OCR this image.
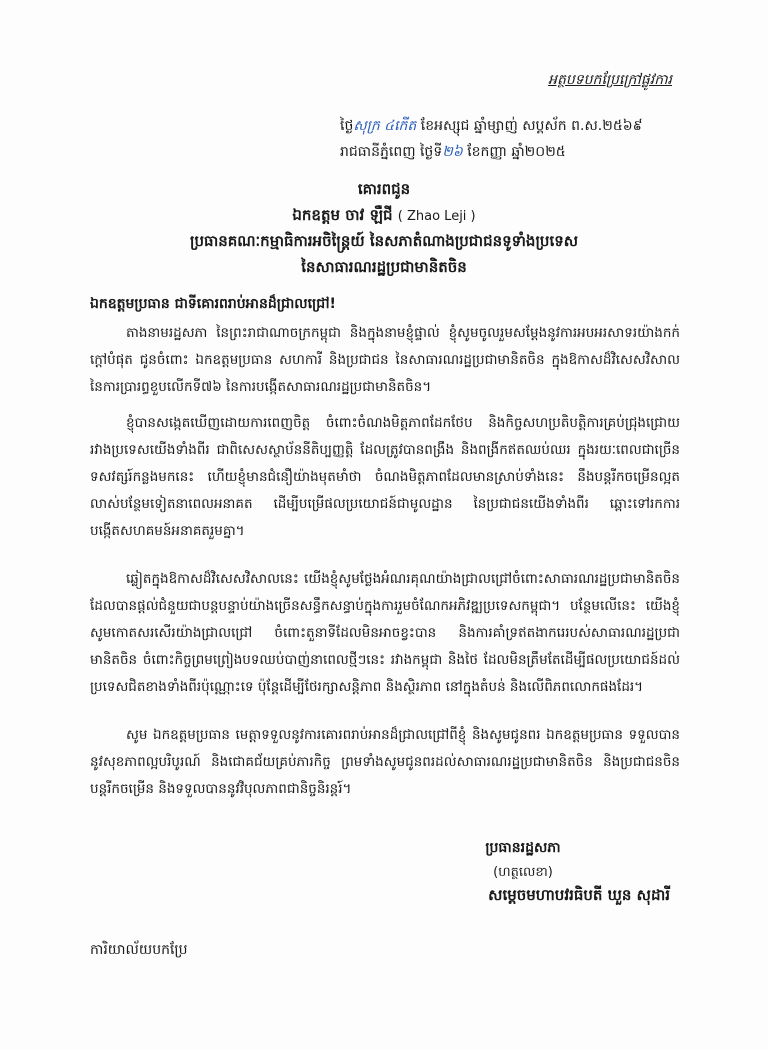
អត្ថបទបកប្រែក្រៅផ្លូវការ
ថ្ងៃសុក្រ ៤កើត ខែអស្សុជ ឆ្នាំម្សាញ់ សប្តស័ក ព.ស.២៥៦៩
រាជធានីភ្នំពេញ ថ្ងៃទី២៦ ខែកញ្ញា ឆ្នាំ២០២៥
គោរពជូន
ឯកឧត្តម ចាវ ឡឺជី ( Zhao Leji )
ប្រធានគណៈកម្មាធិការអចិន្ត្រៃយ៍ នៃសភាតំណាងប្រជាជនទូទាំងប្រទេស
នៃសាធារណរដ្ឋប្រជាមានិតចិន
ឯកឧត្តមប្រធាន ជាទីគោរពរាប់អានដ៏ជ្រាលជ្រៅ!

តាងនាមរដ្ឋសភា នៃព្រះរាជាណាចក្រកម្ពុជា និងក្នុងនាមខ្ញុំផ្ទាល់ ខ្ញុំសូមចូលរួមសម្តែងនូវការអបអរសាទរយ៉ាងកក់ក្តៅបំផុត ជូនចំពោះ ឯកឧត្តមប្រធាន សហការី និងប្រជាជន នៃសាធារណរដ្ឋប្រជាមានិតចិន ក្នុងឱកាសដ៏វិសេសវិសាល នៃការប្រារព្ធខួបលើកទី៧៦ នៃការបង្កើតសាធារណរដ្ឋប្រជាមានិតចិន។

ខ្ញុំបានសង្កេតឃើញដោយការពេញចិត្ត ចំពោះចំណងមិត្តភាពដែកថែប និងកិច្ចសហប្រតិបត្តិការគ្រប់ជ្រុងជ្រោយ រវាងប្រទេសយើងទាំងពីរ ជាពិសេសស្ថាប័ននីតិប្បញ្ញត្តិ ដែលត្រូវបានពង្រឹង និងពង្រីកឥតឈប់ឈរ ក្នុងរយៈពេលជាច្រើនទសវត្សរ៍កន្លងមកនេះ ហើយខ្ញុំមានជំនឿយ៉ាងមុតមាំថា ចំណងមិត្តភាពដែលមានស្រាប់ទាំងនេះ នឹងបន្តរីកចម្រើនល្អតលាស់បន្ថែមទៀតនាពេលអនាគត ដើម្បីបម្រើផលប្រយោជន៍ជាមូលដ្ឋាន នៃប្រជាជនយើងទាំងពីរ ឆ្ពោះទៅរកការបង្កើតសហគមន៍អនាគតរួមគ្នា។

ឆ្លៀតក្នុងឱកាសដ៏វិសេសវិសាលនេះ យើងខ្ញុំសូមថ្លែងអំណរគុណយ៉ាងជ្រាលជ្រៅចំពោះសាធារណរដ្ឋប្រជាមានិតចិន ដែលបានផ្តល់ជំនួយជាបន្តបន្ទាប់យ៉ាងច្រើនសន្ធឹកសន្ធាប់ក្នុងការរួមចំណែកអភិវឌ្ឍប្រទេសកម្ពុជា។ បន្ថែមលើនេះ យើងខ្ញុំសូមកោតសរសើរយ៉ាងជ្រាលជ្រៅ ចំពោះតួនាទីដែលមិនអាចខ្វះបាន និងការគាំទ្រឥតងាករេរបស់សាធារណរដ្ឋប្រជាមានិតចិន ចំពោះកិច្ចព្រមព្រៀងបទឈប់បាញ់នាពេលថ្មីៗនេះ រវាងកម្ពុជា និងថៃ ដែលមិនត្រឹមតែដើម្បីផលប្រយោជន៍ដល់ប្រទេសជិតខាងទាំងពីរប៉ុណ្ណោះទេ ប៉ុន្តែដើម្បីថែរក្សាសន្តិភាព និងស្ថិរភាព នៅក្នុងតំបន់ និងលើពិភពលោកផងដែរ។

សូម ឯកឧត្តមប្រធាន មេត្តាទទួលនូវការគោរពរាប់អានដ៏ជ្រាលជ្រៅពីខ្ញុំ និងសូមជូនពរ ឯកឧត្តមប្រធាន ទទួលបាននូវសុខភាពល្អបរិបូរណ៍ និងជោគជ័យគ្រប់ភារកិច្ច ព្រមទាំងសូមជូនពរដល់សាធារណរដ្ឋប្រជាមានិតចិន និងប្រជាជនចិន បន្តរីកចម្រើន និងទទួលបាននូវវិបុលភាពជានិច្ចនិរន្តរ៍។

ប្រធានរដ្ឋសភា
(ហត្ថលេខា)
សម្តេចមហាបវរធិបតី ឃួន សុដារី
ការិយាល័យបកប្រែ
